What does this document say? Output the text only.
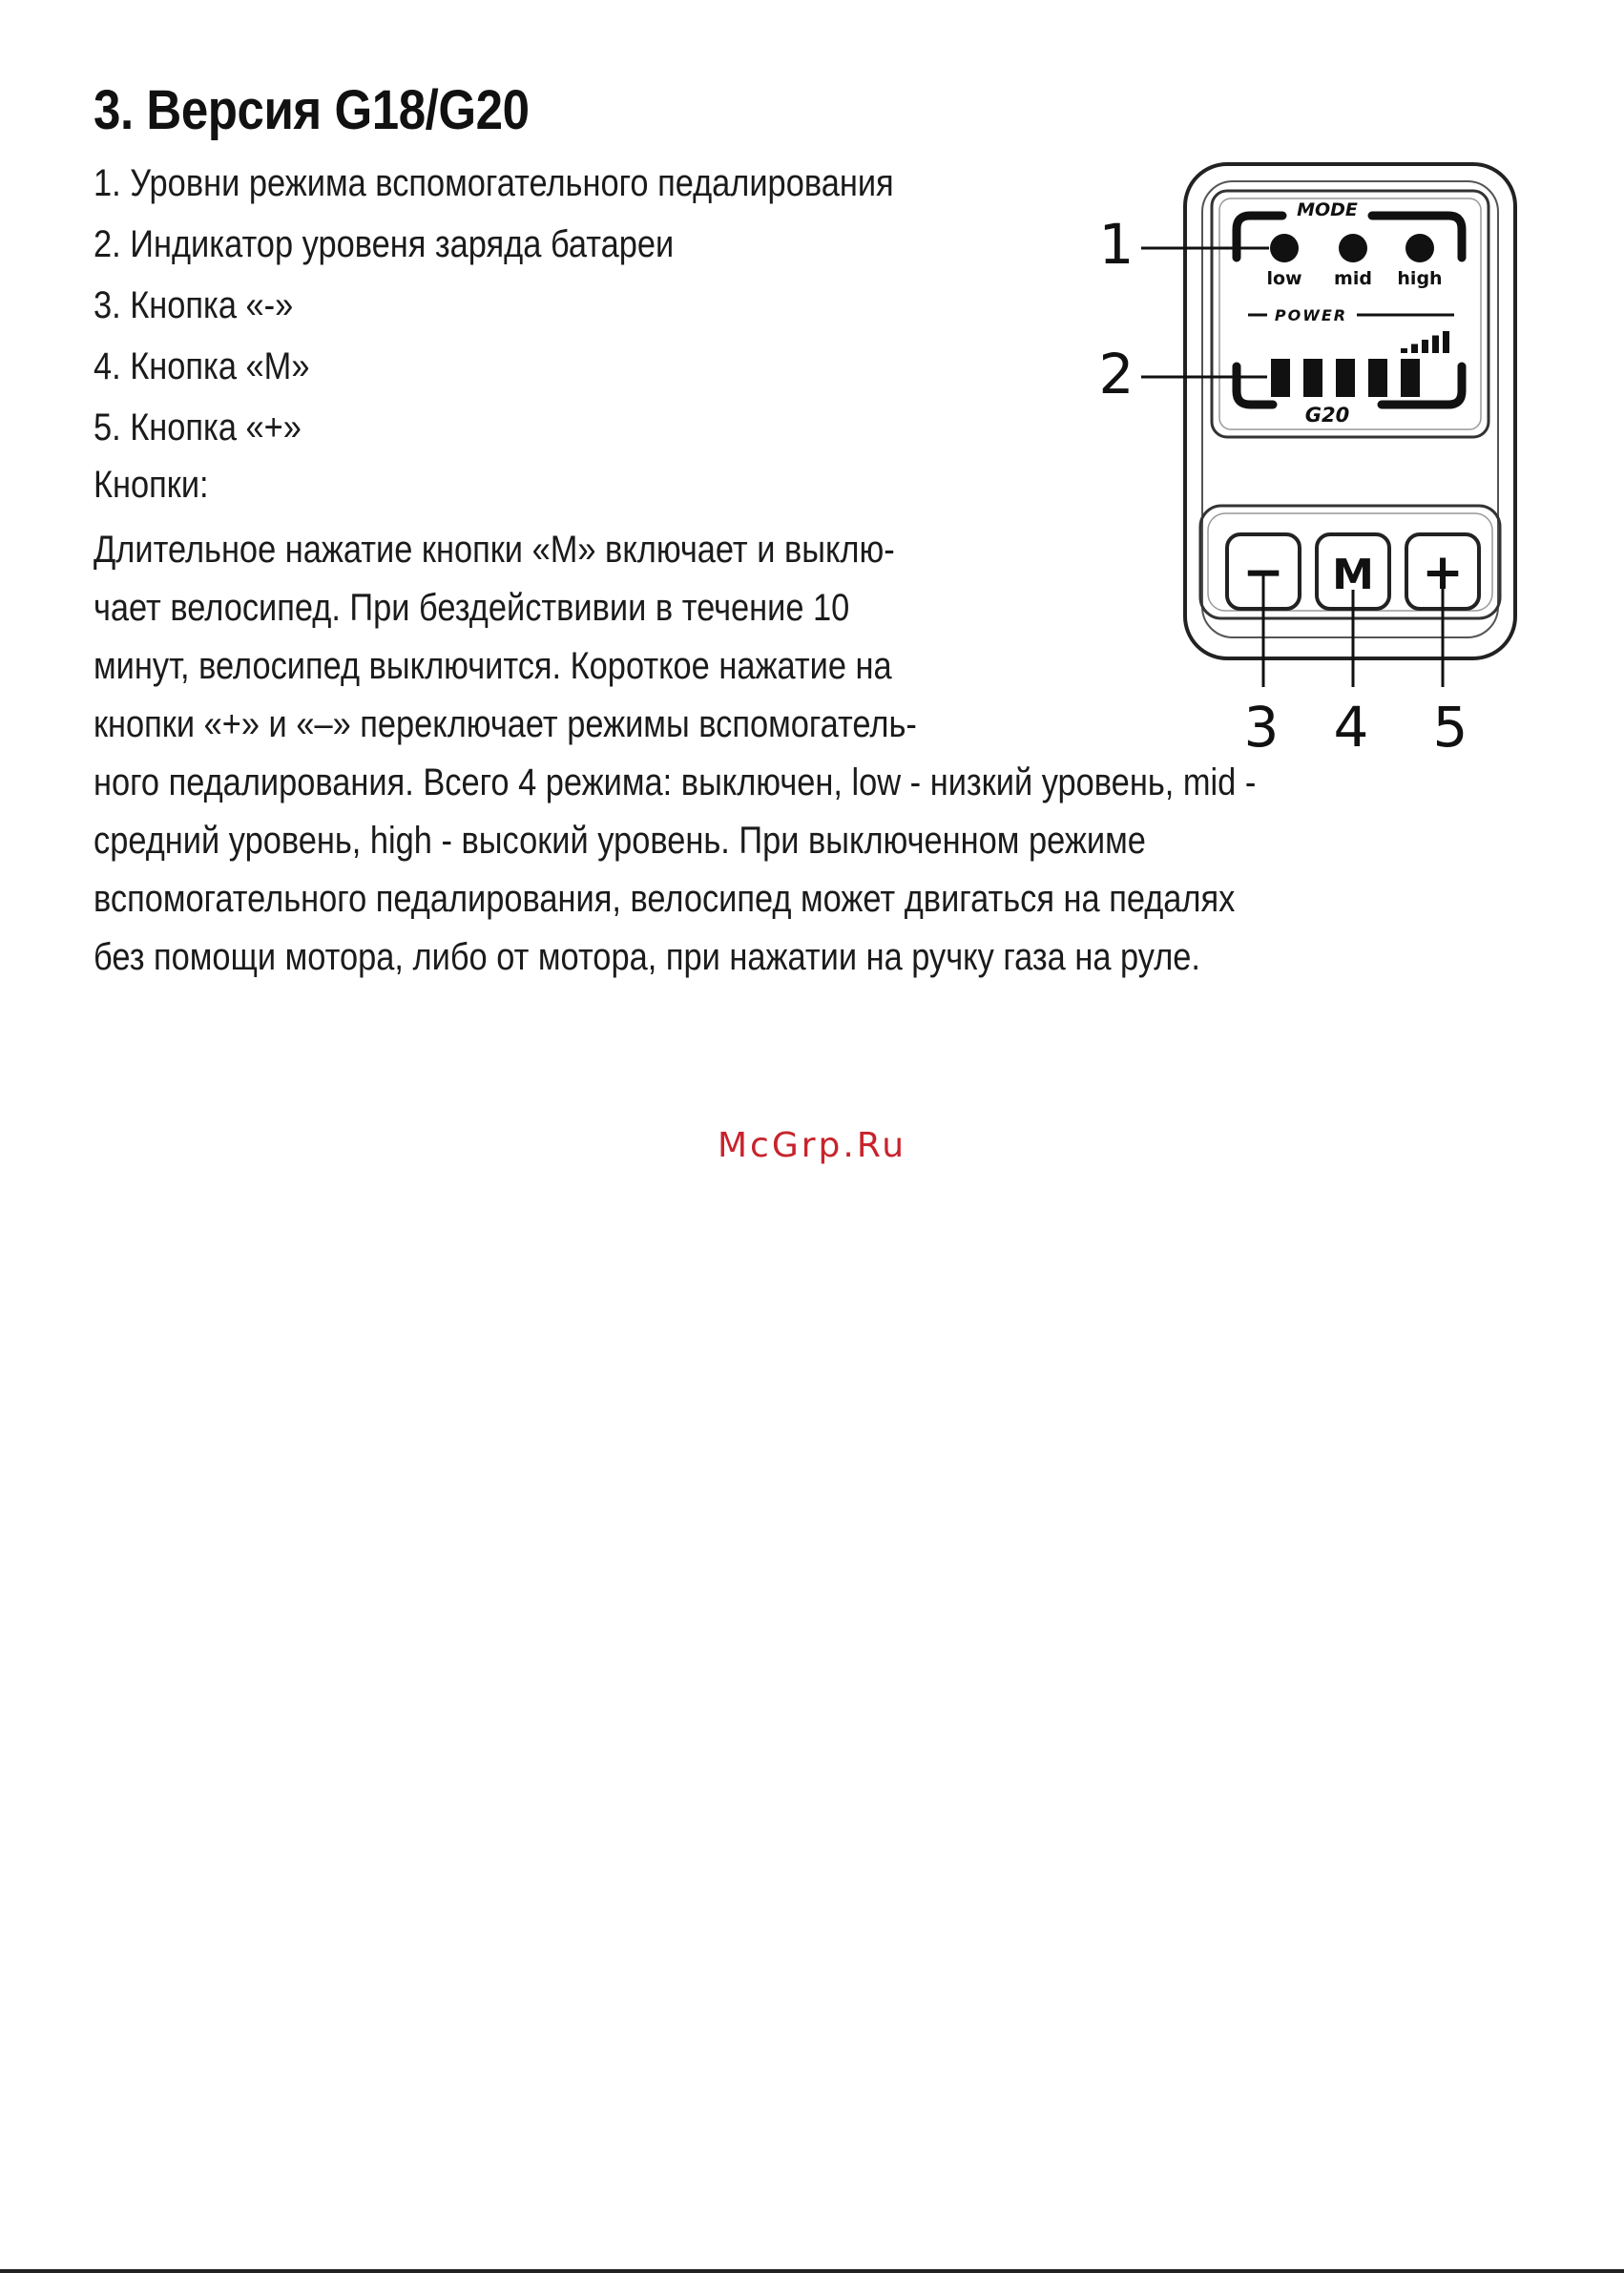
3. Версия G18/G20
1. Уровни режима вспомогательного педалирования
2. Индикатор уровеня заряда батареи
3. Кнопка «-»
4. Кнопка «M»
5. Кнопка «+»
Кнопки:

Длительное нажатие кнопки «M» включает и выклю-
чает велосипед. При бездействивии в течение 10
минут, велосипед выключится. Короткое нажатие на
кнопки «+» и «–» переключает режимы вспомогатель-
ного педалирования. Всего 4 режима: выключен, low - низкий уровень, mid -
средний уровень, high - высокий уровень. При выключенном режиме
вспомогательного педалирования, велосипед может двигаться на педалях
без помощи мотора, либо от мотора, при нажатии на ручку газа на руле.

MODE
low mid high
POWER
G20
− M +
1
2
3 4 5
McGrp.Ru
